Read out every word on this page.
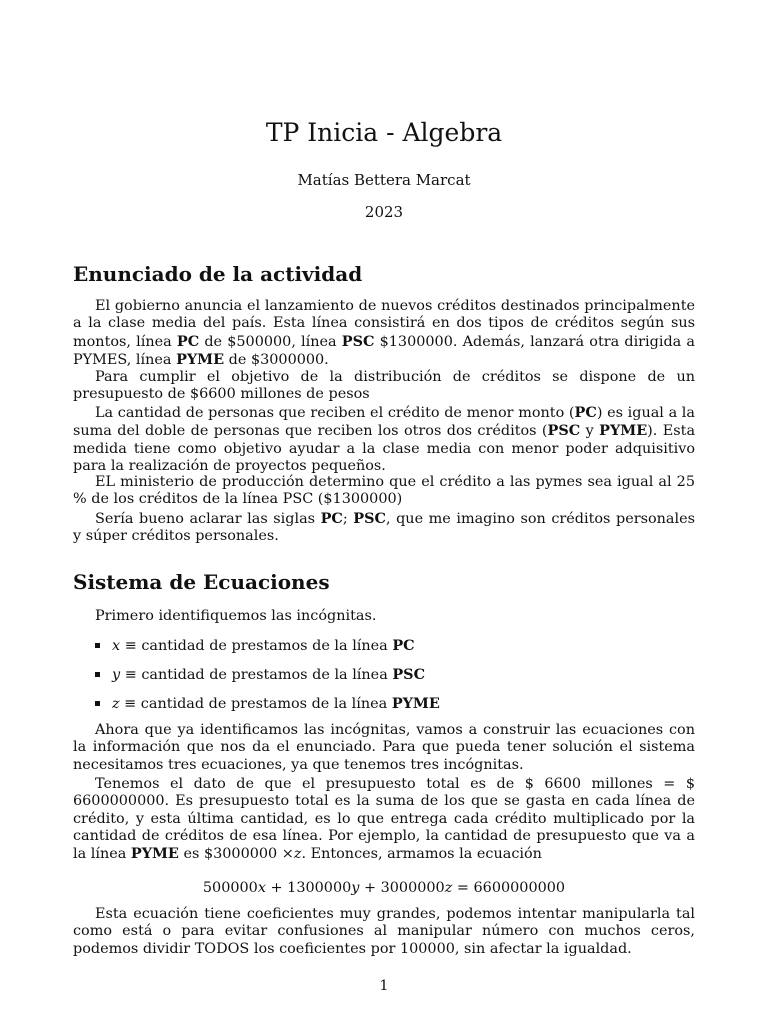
TP Inicia - Algebra
Matías Bettera Marcat
2023
Enunciado de la actividad

El gobierno anuncia el lanzamiento de nuevos créditos destinados principalmente a la clase media del país. Esta línea consistirá en dos tipos de créditos según sus montos, línea PC de $500000, línea PSC $1300000. Además, lanzará otra dirigida a PYMES, línea PYME de $3000000.

Para cumplir el objetivo de la distribución de créditos se dispone de un presupuesto de $6600 millones de pesos

La cantidad de personas que reciben el crédito de menor monto (PC) es igual a la suma del doble de personas que reciben los otros dos créditos (PSC y PYME). Esta medida tiene como objetivo ayudar a la clase media con menor poder adquisitivo para la realización de proyectos pequeños.

EL ministerio de producción determino que el crédito a las pymes sea igual al 25 % de los créditos de la línea PSC ($1300000)

Sería bueno aclarar las siglas PC; PSC, que me imagino son créditos personales y súper créditos personales.

Sistema de Ecuaciones

Primero identifiquemos las incógnitas.

x ≡ cantidad de prestamos de la línea PC
y ≡ cantidad de prestamos de la línea PSC
z ≡ cantidad de prestamos de la línea PYME

Ahora que ya identificamos las incógnitas, vamos a construir las ecuaciones con la información que nos da el enunciado. Para que pueda tener solución el sistema necesitamos tres ecuaciones, ya que tenemos tres incógnitas.

Tenemos el dato de que el presupuesto total es de $ 6600 millones = $ 6600000000. Es presupuesto total es la suma de los que se gasta en cada línea de crédito, y esta última cantidad, es lo que entrega cada crédito multiplicado por la cantidad de créditos de esa línea. Por ejemplo, la cantidad de presupuesto que va a la línea PYME es $3000000 ×z. Entonces, armamos la ecuación

500000x + 1300000y + 3000000z = 6600000000

Esta ecuación tiene coeficientes muy grandes, podemos intentar manipularla tal como está o para evitar confusiones al manipular número con muchos ceros, podemos dividir TODOS los coeficientes por 100000, sin afectar la igualdad.

1
